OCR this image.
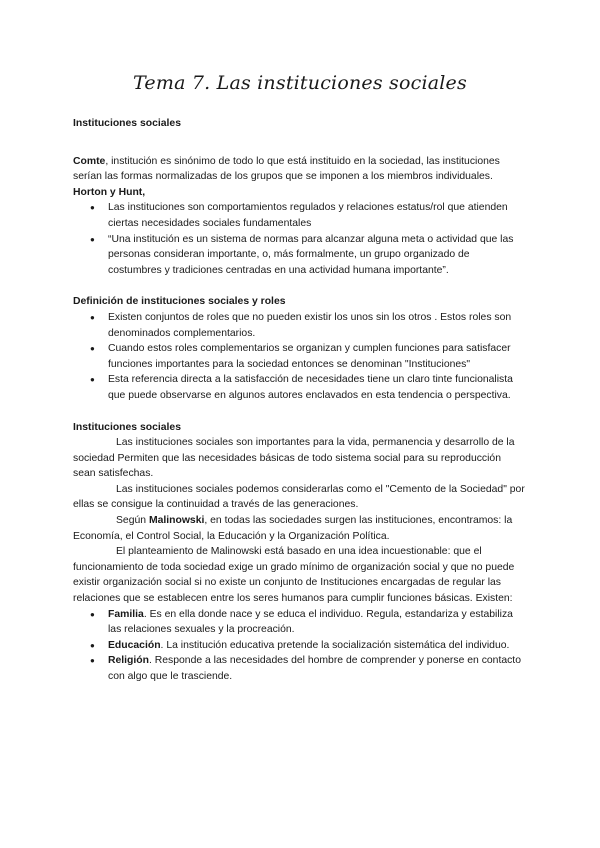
Tema 7. Las instituciones sociales

Instituciones sociales

Comte, institución es sinónimo de todo lo que está instituido en la sociedad, las instituciones serían las formas normalizadas de los grupos que se imponen a los miembros individuales.

Horton y Hunt,

● Las instituciones son comportamientos regulados y relaciones estatus/rol que atienden ciertas necesidades sociales fundamentales
● “Una institución es un sistema de normas para alcanzar alguna meta o actividad que las personas consideran importante, o, más formalmente, un grupo organizado de costumbres y tradiciones centradas en una actividad humana importante”.

Definición de instituciones sociales y roles

● Existen conjuntos de roles que no pueden existir los unos sin los otros . Estos roles son denominados complementarios.
● Cuando estos roles complementarios se organizan y cumplen funciones para satisfacer funciones importantes para la sociedad entonces se denominan "Instituciones"
● Esta referencia directa a la satisfacción de necesidades tiene un claro tinte funcionalista que puede observarse en algunos autores enclavados en esta tendencia o perspectiva.

Instituciones sociales

Las instituciones sociales son importantes para la vida, permanencia y desarrollo de la sociedad Permiten que las necesidades básicas de todo sistema social para su reproducción sean satisfechas.

Las instituciones sociales podemos considerarlas como el "Cemento de la Sociedad" por ellas se consigue la continuidad a través de las generaciones.

Según Malinowski, en todas las sociedades surgen las instituciones, encontramos: la Economía, el Control Social, la Educación y la Organización Política.

El planteamiento de Malinowski está basado en una idea incuestionable: que el funcionamiento de toda sociedad exige un grado mínimo de organización social y que no puede existir organización social si no existe un conjunto de Instituciones encargadas de regular las relaciones que se establecen entre los seres humanos para cumplir funciones básicas. Existen:

● Familia. Es en ella donde nace y se educa el individuo. Regula, estandariza y estabiliza las relaciones sexuales y la procreación.
● Educación. La institución educativa pretende la socialización sistemática del individuo.
● Religión. Responde a las necesidades del hombre de comprender y ponerse en contacto con algo que le trasciende.
